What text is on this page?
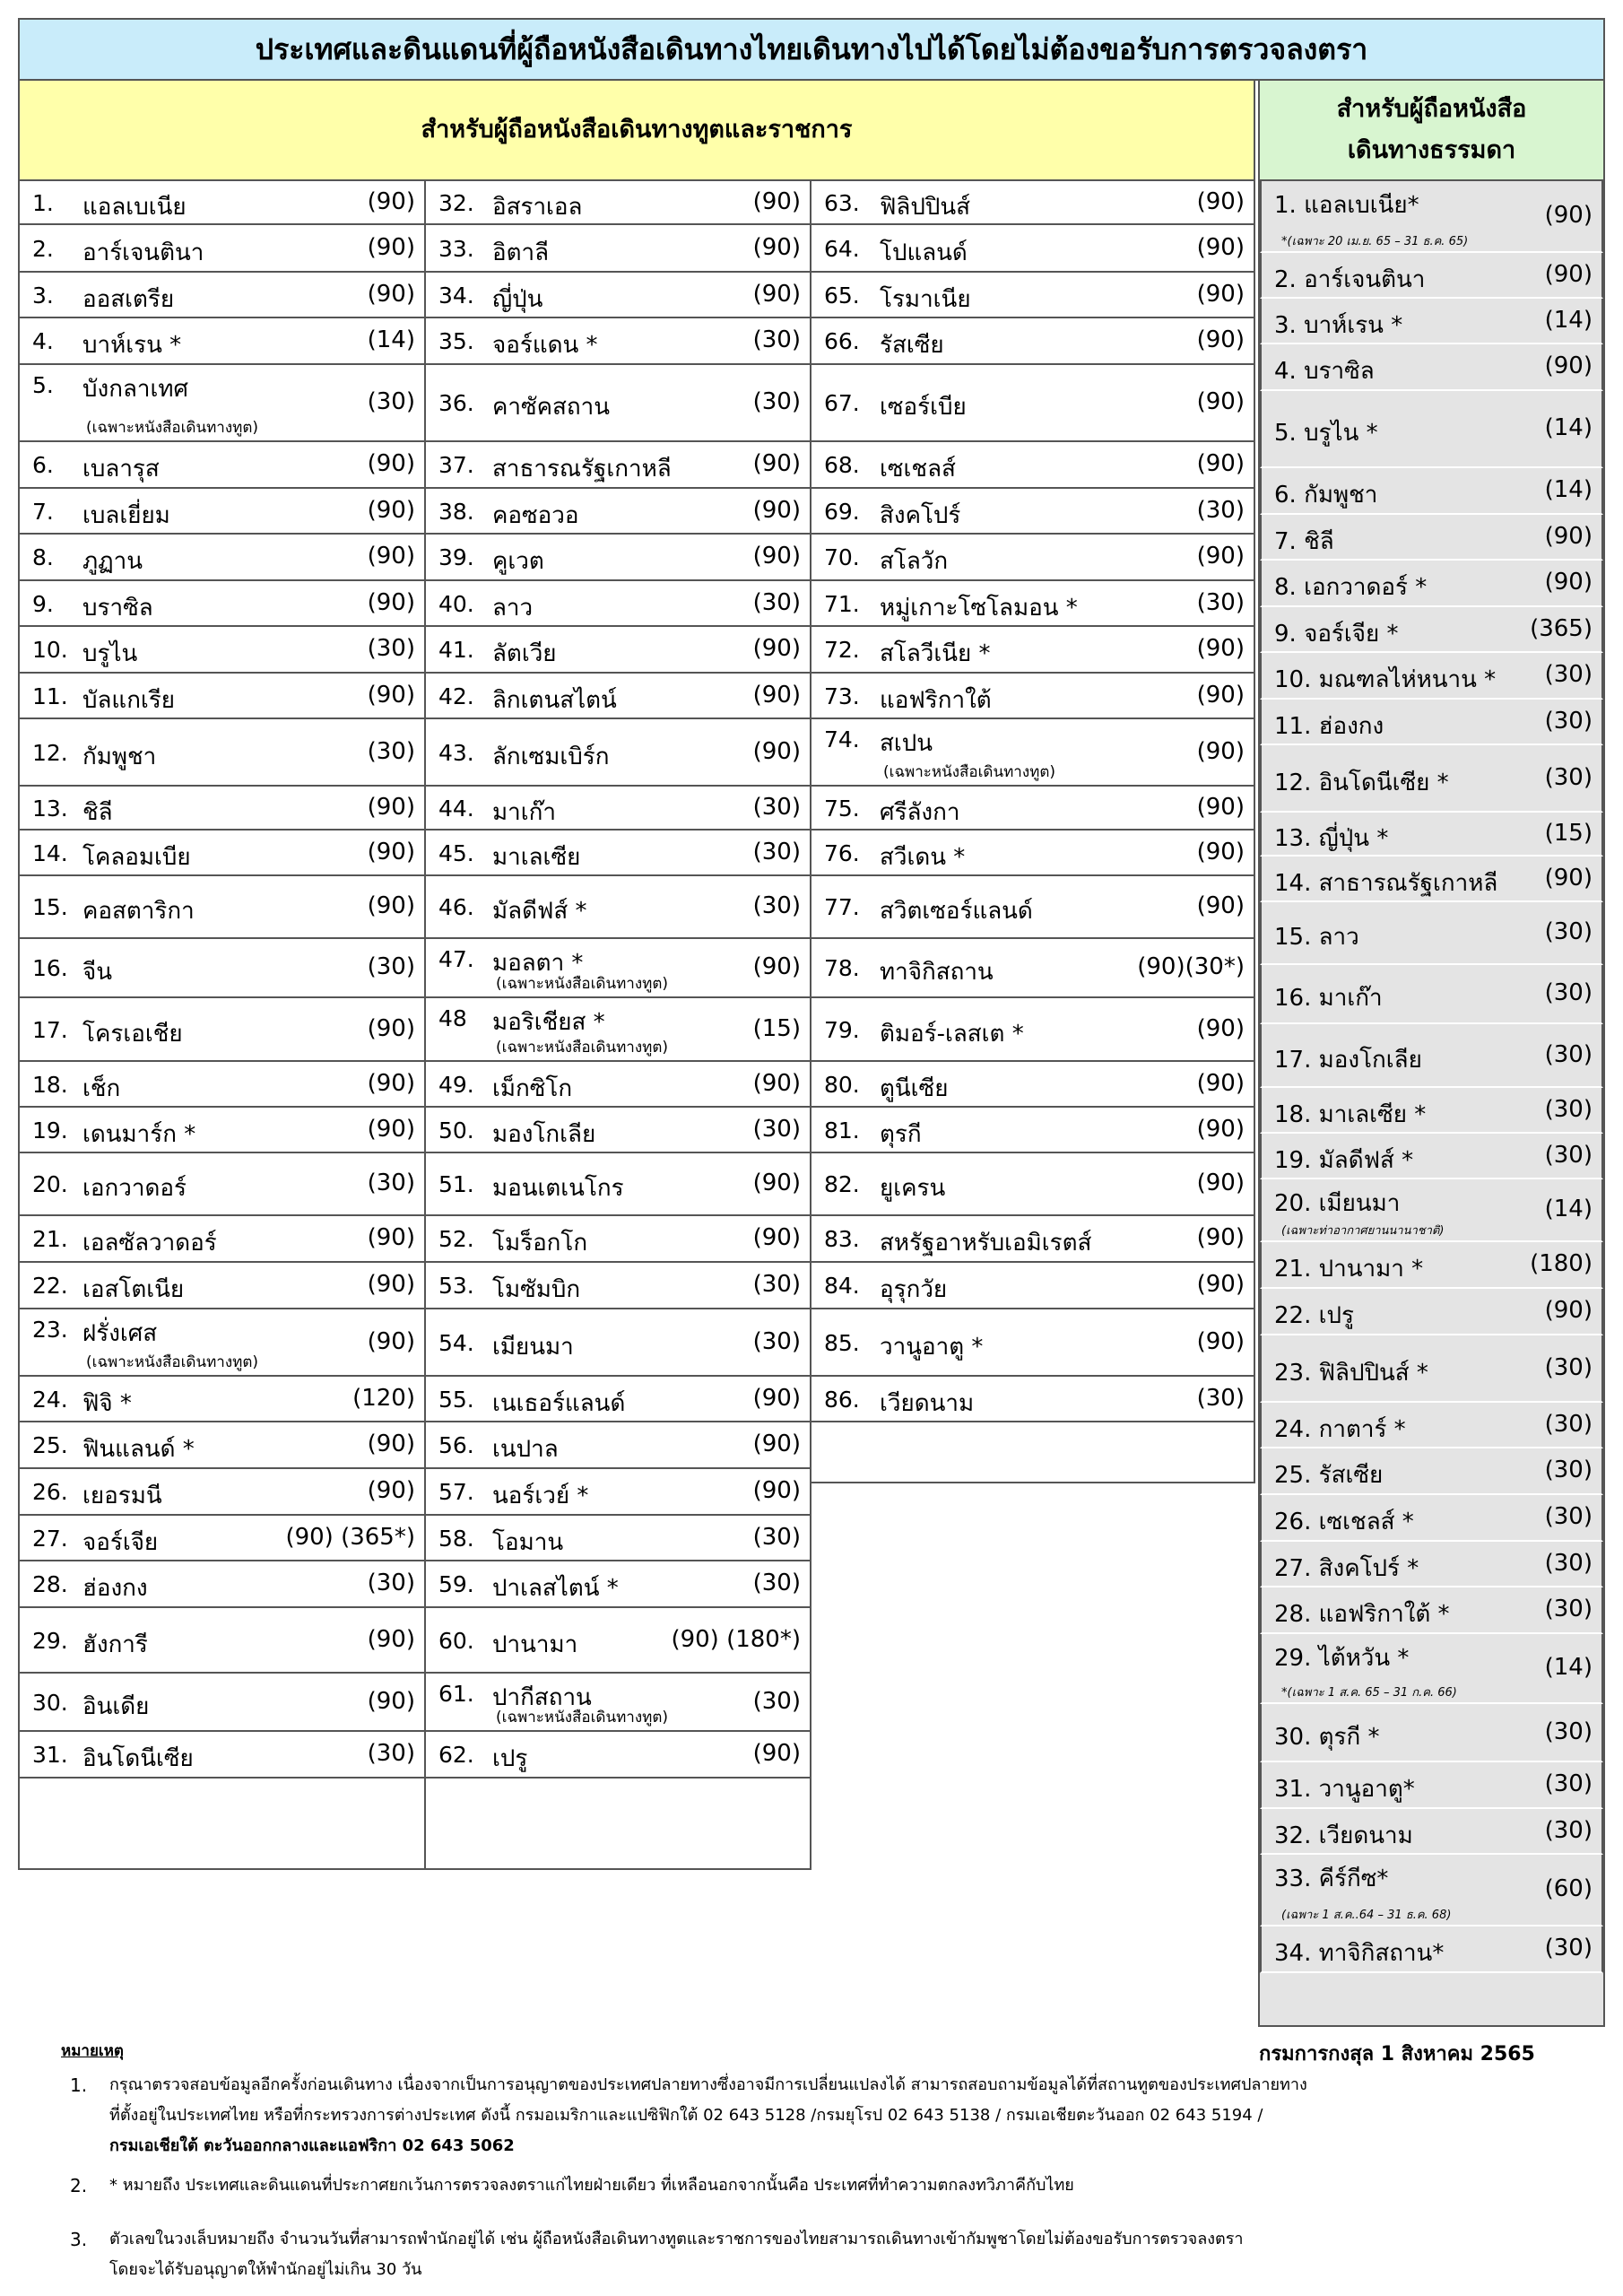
ประเทศและดินแดนที่ผู้ถือหนังสือเดินทางไทยเดินทางไปได้โดยไม่ต้องขอรับการตรวจลงตรา
สำหรับผู้ถือหนังสือเดินทางทูตและราชการ
สำหรับผู้ถือหนังสือ
เดินทางธรรมดา
1. แอลเบเนีย	(90)
2. อาร์เจนตินา	(90)
3. ออสเตรีย	(90)
4. บาห์เรน *	(14)
5. บังกลาเทศ
(เฉพาะหนังสือเดินทางทูต)
(30)
6. เบลารุส	(90)
7. เบลเยี่ยม	(90)
8. ภูฏาน	(90)
9. บราซิล	(90)
10. บรูไน	(30)
11. บัลแกเรีย	(90)
12. กัมพูชา	(30)
13. ชิลี	(90)
14. โคลอมเบีย	(90)
15. คอสตาริกา	(90)
16. จีน	(30)
17. โครเอเชีย	(90)
18. เช็ก	(90)
19. เดนมาร์ก *	(90)
20. เอกวาดอร์	(30)
21. เอลซัลวาดอร์	(90)
22. เอสโตเนีย	(90)
23. ฝรั่งเศส
(เฉพาะหนังสือเดินทางทูต)
(90)
24. ฟิจิ *	(120)
25. ฟินแลนด์ *	(90)
26. เยอรมนี	(90)
27. จอร์เจีย	(90) (365*)
28. ฮ่องกง	(30)
29. ฮังการี	(90)
30. อินเดีย	(90)
31. อินโดนีเซีย	(30)
32. อิสราเอล	(90)
33. อิตาลี	(90)
34. ญี่ปุ่น	(90)
35. จอร์แดน *	(30)
36. คาซัคสถาน	(30)
37. สาธารณรัฐเกาหลี	(90)
38. คอซอวอ	(90)
39. คูเวต	(90)
40. ลาว	(30)
41. ลัตเวีย	(90)
42. ลิกเตนสไตน์	(90)
43. ลักเซมเบิร์ก	(90)
44. มาเก๊า	(30)
45. มาเลเซีย	(30)
46. มัลดีฟส์ *	(30)
47. มอลตา *
(เฉพาะหนังสือเดินทางทูต)
(90)
48 มอริเชียส *
(เฉพาะหนังสือเดินทางทูต)
(15)
49. เม็กซิโก	(90)
50. มองโกเลีย	(30)
51. มอนเตเนโกร	(90)
52. โมร็อกโก	(90)
53. โมซัมบิก	(30)
54. เมียนมา	(30)
55. เนเธอร์แลนด์	(90)
56. เนปาล	(90)
57. นอร์เวย์ *	(90)
58. โอมาน	(30)
59. ปาเลสไตน์ *	(30)
60. ปานามา	(90) (180*)
61. ปากีสถาน
(เฉพาะหนังสือเดินทางทูต)
(30)
62. เปรู	(90)
63. ฟิลิปปินส์	(90)
64. โปแลนด์	(90)
65. โรมาเนีย	(90)
66. รัสเซีย	(90)
67. เซอร์เบีย	(90)
68. เซเชลส์	(90)
69. สิงคโปร์	(30)
70. สโลวัก	(90)
71. หมู่เกาะโซโลมอน *	(30)
72. สโลวีเนีย *	(90)
73. แอฟริกาใต้	(90)
74. สเปน
(เฉพาะหนังสือเดินทางทูต)
(90)
75. ศรีลังกา	(90)
76. สวีเดน *	(90)
77. สวิตเซอร์แลนด์	(90)
78. ทาจิกิสถาน	(90)(30*)
79. ติมอร์-เลสเต *	(90)
80. ตูนีเซีย	(90)
81. ตุรกี	(90)
82. ยูเครน	(90)
83. สหรัฐอาหรับเอมิเรตส์	(90)
84. อุรุกวัย	(90)
85. วานูอาตู *	(90)
86. เวียดนาม	(30)
1. แอลเบเนีย*
*(เฉพาะ 20 เม.ย. 65 – 31 ธ.ค. 65)
(90)
2. อาร์เจนตินา	(90)
3. บาห์เรน *	(14)
4. บราซิล	(90)
5. บรูไน *	(14)
6. กัมพูชา	(14)
7. ชิลี	(90)
8. เอกวาดอร์ *	(90)
9. จอร์เจีย *	(365)
10. มณฑลไห่หนาน * (30)
11. ฮ่องกง	(30)
12. อินโดนีเซีย *	(30)
13. ญี่ปุ่น *	(15)
14. สาธารณรัฐเกาหลี (90)
15. ลาว	(30)
16. มาเก๊า	(30)
17. มองโกเลีย	(30)
18. มาเลเซีย *	(30)
19. มัลดีฟส์ *	(30)
20. เมียนมา
(เฉพาะท่าอากาศยานนานาชาติ)
(14)
21. ปานามา *	(180)
22. เปรู	(90)
23. ฟิลิปปินส์ *	(30)
24. กาตาร์ *	(30)
25. รัสเซีย	(30)
26. เซเชลส์ *	(30)
27. สิงคโปร์ *	(30)
28. แอฟริกาใต้ *	(30)
29. ไต้หวัน *
*(เฉพาะ 1 ส.ค. 65 – 31 ก.ค. 66)
(14)
30. ตุรกี *	(30)
31. วานูอาตู*	(30)
32. เวียดนาม	(30)
33. คีร์กีซ*
(เฉพาะ 1 ส.ค..64 – 31 ธ.ค. 68)
(60)
34. ทาจิกิสถาน*	(30)
กรมการกงสุล 1 สิงหาคม 2565
หมายเหตุ
1. กรุณาตรวจสอบข้อมูลอีกครั้งก่อนเดินทาง เนื่องจากเป็นการอนุญาตของประเทศปลายทางซึ่งอาจมีการเปลี่ยนแปลงได้ สามารถสอบถามข้อมูลได้ที่สถานทูตของประเทศปลายทาง
ที่ตั้งอยู่ในประเทศไทย หรือที่กระทรวงการต่างประเทศ ดังนี้ กรมอเมริกาและแปซิฟิกใต้ 02 643 5128 /กรมยุโรป 02 643 5138 / กรมเอเชียตะวันออก 02 643 5194 /
กรมเอเชียใต้ ตะวันออกกลางและแอฟริกา 02 643 5062
2. * หมายถึง ประเทศและดินแดนที่ประกาศยกเว้นการตรวจลงตราแก่ไทยฝ่ายเดียว ที่เหลือนอกจากนั้นคือ ประเทศที่ทำความตกลงทวิภาคีกับไทย
3. ตัวเลขในวงเล็บหมายถึง จำนวนวันที่สามารถพำนักอยู่ได้ เช่น ผู้ถือหนังสือเดินทางทูตและราชการของไทยสามารถเดินทางเข้ากัมพูชาโดยไม่ต้องขอรับการตรวจลงตรา
โดยจะได้รับอนุญาตให้พำนักอยู่ไม่เกิน 30 วัน
